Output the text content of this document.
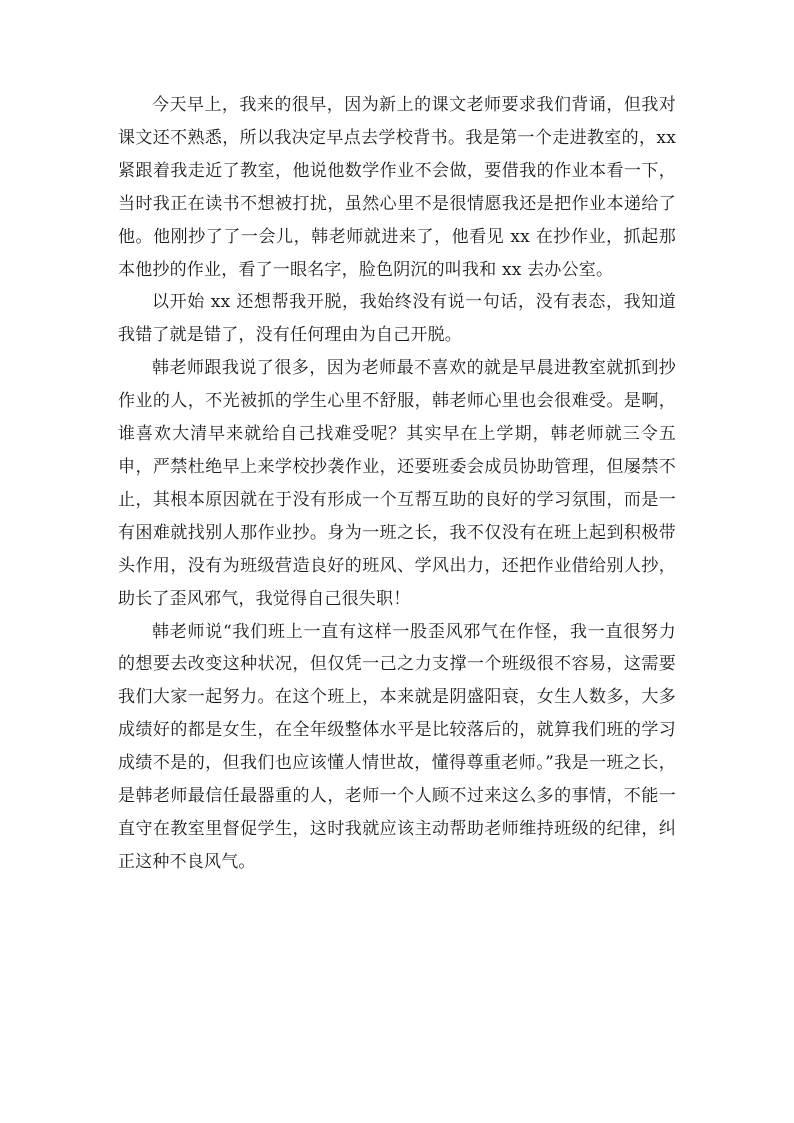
今天早上，我来的很早，因为新上的课文老师要求我们背诵，但我对课文还不熟悉，所以我决定早点去学校背书。我是第一个走进教室的，xx 紧跟着我走近了教室，他说他数学作业不会做，要借我的作业本看一下，当时我正在读书不想被打扰，虽然心里不是很情愿我还是把作业本递给了他。他刚抄了了一会儿，韩老师就进来了，他看见 xx 在抄作业，抓起那本他抄的作业，看了一眼名字，脸色阴沉的叫我和 xx 去办公室。

以开始 xx 还想帮我开脱，我始终没有说一句话，没有表态，我知道我错了就是错了，没有任何理由为自己开脱。

韩老师跟我说了很多，因为老师最不喜欢的就是早晨进教室就抓到抄作业的人，不光被抓的学生心里不舒服，韩老师心里也会很难受。是啊，谁喜欢大清早来就给自己找难受呢？其实早在上学期，韩老师就三令五申，严禁杜绝早上来学校抄袭作业，还要班委会成员协助管理，但屡禁不止，其根本原因就在于没有形成一个互帮互助的良好的学习氛围，而是一有困难就找别人那作业抄。身为一班之长，我不仅没有在班上起到积极带头作用，没有为班级营造良好的班风、学风出力，还把作业借给别人抄，助长了歪风邪气，我觉得自己很失职！

韩老师说“我们班上一直有这样一股歪风邪气在作怪，我一直很努力的想要去改变这种状况，但仅凭一己之力支撑一个班级很不容易，这需要我们大家一起努力。在这个班上，本来就是阴盛阳衰，女生人数多，大多成绩好的都是女生，在全年级整体水平是比较落后的，就算我们班的学习成绩不是的，但我们也应该懂人情世故，懂得尊重老师。”我是一班之长，是韩老师最信任最器重的人，老师一个人顾不过来这么多的事情，不能一直守在教室里督促学生，这时我就应该主动帮助老师维持班级的纪律，纠正这种不良风气。
